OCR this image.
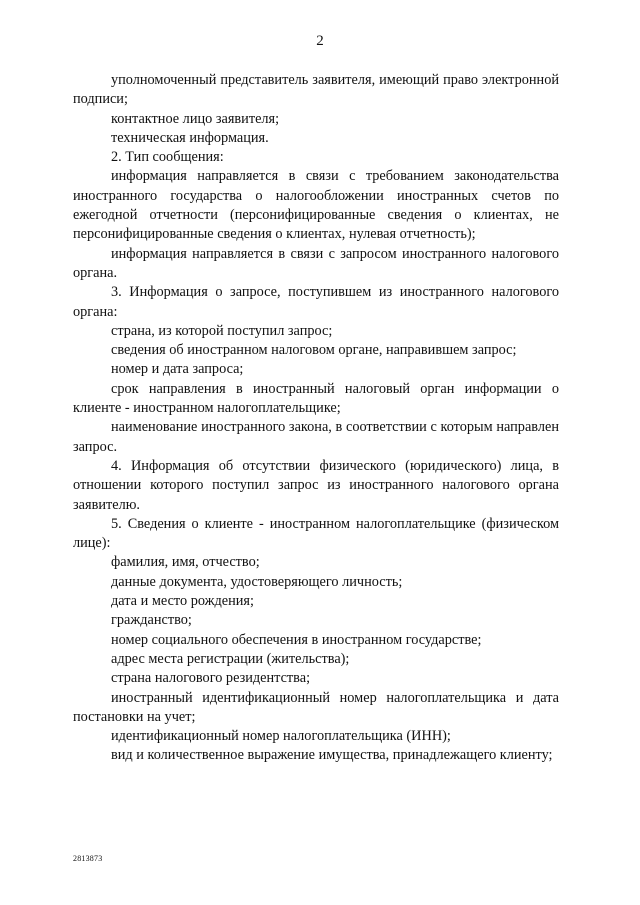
2

уполномоченный представитель заявителя, имеющий право электронной подписи;

контактное лицо заявителя;

техническая информация.

2. Тип сообщения:

информация направляется в связи с требованием законодательства иностранного государства о налогообложении иностранных счетов по ежегодной отчетности (персонифицированные сведения о клиентах, не персонифицированные сведения о клиентах, нулевая отчетность);

информация направляется в связи с запросом иностранного налогового органа.

3. Информация о запросе, поступившем из иностранного налогового органа:

страна, из которой поступил запрос;

сведения об иностранном налоговом органе, направившем запрос;

номер и дата запроса;

срок направления в иностранный налоговый орган информации о клиенте - иностранном налогоплательщике;

наименование иностранного закона, в соответствии с которым направлен запрос.

4. Информация об отсутствии физического (юридического) лица, в отношении которого поступил запрос из иностранного налогового органа заявителю.

5. Сведения о клиенте - иностранном налогоплательщике (физическом лице):

фамилия, имя, отчество;

данные документа, удостоверяющего личность;

дата и место рождения;

гражданство;

номер социального обеспечения в иностранном государстве;

адрес места регистрации (жительства);

страна налогового резидентства;

иностранный идентификационный номер налогоплательщика и дата постановки на учет;

идентификационный номер налогоплательщика (ИНН);

вид и количественное выражение имущества, принадлежащего клиенту;

2813873
